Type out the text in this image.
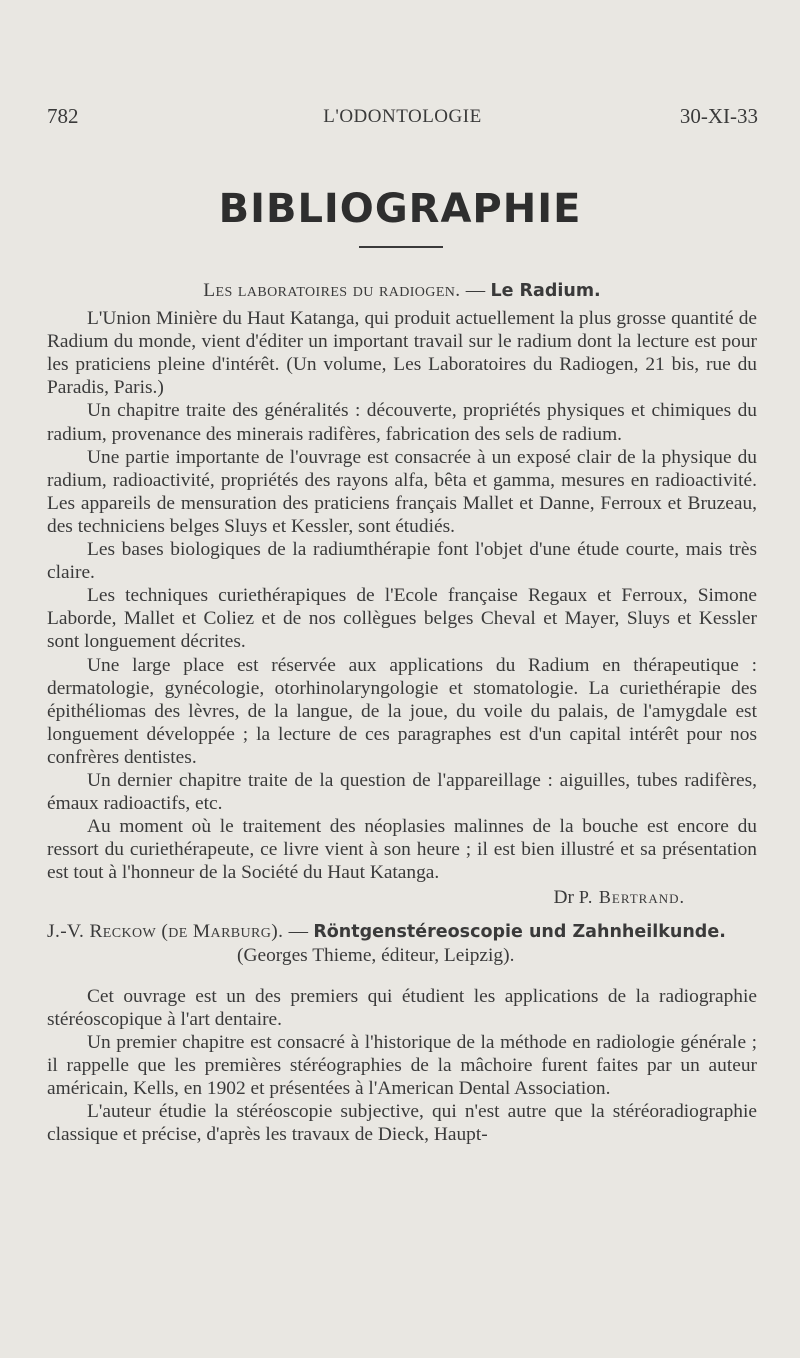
782	L'ODONTOLOGIE	30-XI-33
BIBLIOGRAPHIE

Les laboratoires du radiogen. — Le Radium.

L'Union Minière du Haut Katanga, qui produit actuellement la plus grosse quantité de Radium du monde, vient d'éditer un important travail sur le radium dont la lecture est pour les praticiens pleine d'intérêt. (Un volume, Les Laboratoires du Radiogen, 21 bis, rue du Paradis, Paris.)

Un chapitre traite des généralités : découverte, propriétés physiques et chimiques du radium, provenance des minerais radifères, fabrication des sels de radium.

Une partie importante de l'ouvrage est consacrée à un exposé clair de la physique du radium, radioactivité, propriétés des rayons alfa, bêta et gamma, mesures en radioactivité. Les appareils de mensuration des praticiens français Mallet et Danne, Ferroux et Bruzeau, des techniciens belges Sluys et Kessler, sont étudiés.

Les bases biologiques de la radiumthérapie font l'objet d'une étude courte, mais très claire.

Les techniques curiethérapiques de l'Ecole française Regaux et Ferroux, Simone Laborde, Mallet et Coliez et de nos collègues belges Cheval et Mayer, Sluys et Kessler sont longuement décrites.

Une large place est réservée aux applications du Radium en thérapeutique : dermatologie, gynécologie, otorhinolaryngologie et stomatologie. La curiethérapie des épithéliomas des lèvres, de la langue, de la joue, du voile du palais, de l'amygdale est longuement développée ; la lecture de ces paragraphes est d'un capital intérêt pour nos confrères dentistes.

Un dernier chapitre traite de la question de l'appareillage : aiguilles, tubes radifères, émaux radioactifs, etc.

Au moment où le traitement des néoplasies malinnes de la bouche est encore du ressort du curiethérapeute, ce livre vient à son heure ; il est bien illustré et sa présentation est tout à l'honneur de la Société du Haut Katanga.

Dr P. Bertrand.

J.-V. Reckow (de Marburg). — Röntgenstéreoscopie und Zahnheilkunde.

(Georges Thieme, éditeur, Leipzig).

Cet ouvrage est un des premiers qui étudient les applications de la radiographie stéréoscopique à l'art dentaire.

Un premier chapitre est consacré à l'historique de la méthode en radiologie générale ; il rappelle que les premières stéréographies de la mâchoire furent faites par un auteur américain, Kells, en 1902 et présentées à l'American Dental Association.

L'auteur étudie la stéréoscopie subjective, qui n'est autre que la stéréoradiographie classique et précise, d'après les travaux de Dieck, Haupt-
